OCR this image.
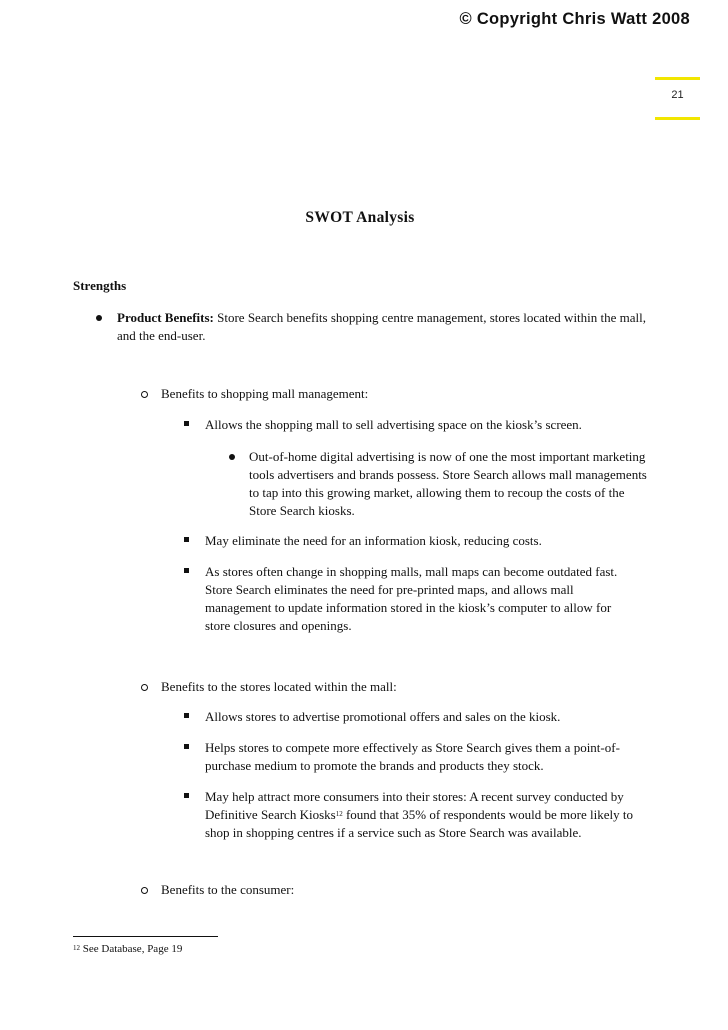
© Copyright Chris Watt 2008
21
SWOT Analysis
Strengths
Product Benefits: Store Search benefits shopping centre management, stores located within the mall, and the end-user.
Benefits to shopping mall management:
Allows the shopping mall to sell advertising space on the kiosk’s screen.
Out-of-home digital advertising is now of one the most important marketing tools advertisers and brands possess. Store Search allows mall managements to tap into this growing market, allowing them to recoup the costs of the Store Search kiosks.
May eliminate the need for an information kiosk, reducing costs.
As stores often change in shopping malls, mall maps can become outdated fast. Store Search eliminates the need for pre-printed maps, and allows mall management to update information stored in the kiosk’s computer to allow for store closures and openings.
Benefits to the stores located within the mall:
Allows stores to advertise promotional offers and sales on the kiosk.
Helps stores to compete more effectively as Store Search gives them a point-of-purchase medium to promote the brands and products they stock.
May help attract more consumers into their stores: A recent survey conducted by Definitive Search Kiosks$^{12}$ found that 35% of respondents would be more likely to shop in shopping centres if a service such as Store Search was available.
Benefits to the consumer:
$^{12}$ See Database, Page 19
